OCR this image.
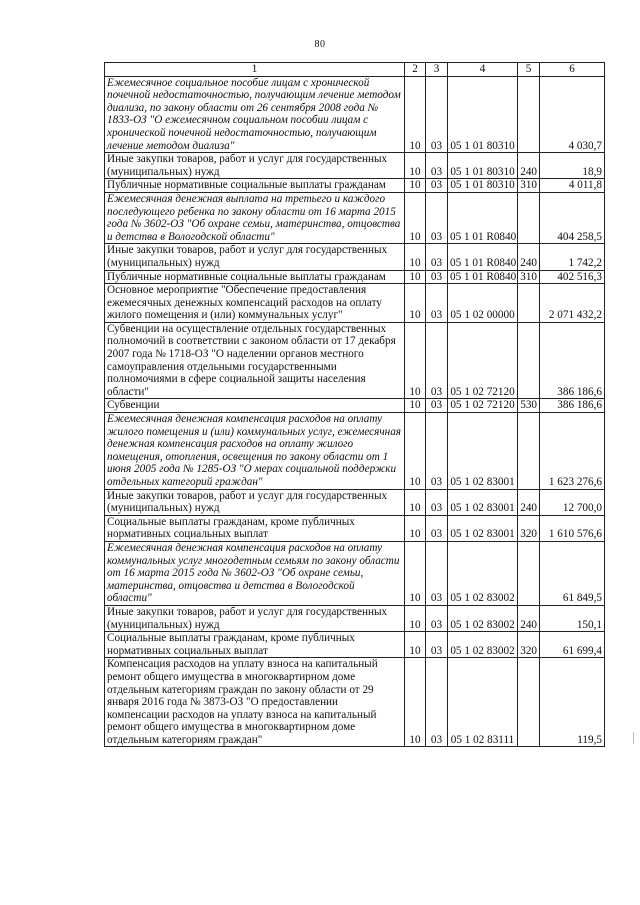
80
1	2	3	4	5	6
Ежемесячное социальное пособие лицам с хронической почечной недостаточностью, получающим лечение методом диализа, по закону области от 26 сентября 2008 года № 1833-ОЗ "О ежемесячном социальном пособии лицам с хронической почечной недостаточностью, получающим лечение методом диализа"	10	03	05 1 01 80310		4 030,7
Иные закупки товаров, работ и услуг для государственных (муниципальных) нужд	10	03	05 1 01 80310	240	18,9
Публичные нормативные социальные выплаты гражданам	10	03	05 1 01 80310	310	4 011,8
Ежемесячная денежная выплата на третьего и каждого последующего ребенка по закону области от 16 марта 2015 года № 3602-ОЗ "Об охране семьи, материнства, отцовства и детства в Вологодской области"	10	03	05 1 01 R0840		404 258,5
Иные закупки товаров, работ и услуг для государственных (муниципальных) нужд	10	03	05 1 01 R0840	240	1 742,2
Публичные нормативные социальные выплаты гражданам	10	03	05 1 01 R0840	310	402 516,3
Основное мероприятие "Обеспечение предоставления ежемесячных денежных компенсаций расходов на оплату жилого помещения и (или) коммунальных услуг"	10	03	05 1 02 00000		2 071 432,2
Субвенции на осуществление отдельных государственных полномочий в соответствии с законом области от 17 декабря 2007 года № 1718-ОЗ "О наделении органов местного самоуправления отдельными государственными полномочиями в сфере социальной защиты населения области"	10	03	05 1 02 72120		386 186,6
Субвенции	10	03	05 1 02 72120	530	386 186,6
Ежемесячная денежная компенсация расходов на оплату жилого помещения и (или) коммунальных услуг, ежемесячная денежная компенсация расходов на оплату жилого помещения, отопления, освещения по закону области от 1 июня 2005 года № 1285-ОЗ "О мерах социальной поддержки отдельных категорий граждан"	10	03	05 1 02 83001		1 623 276,6
Иные закупки товаров, работ и услуг для государственных (муниципальных) нужд	10	03	05 1 02 83001	240	12 700,0
Социальные выплаты гражданам, кроме публичных нормативных социальных выплат	10	03	05 1 02 83001	320	1 610 576,6
Ежемесячная денежная компенсация расходов на оплату коммунальных услуг многодетным семьям по закону области от 16 марта 2015 года № 3602-ОЗ "Об охране семьи, материнства, отцовства и детства в Вологодской области"	10	03	05 1 02 83002		61 849,5
Иные закупки товаров, работ и услуг для государственных (муниципальных) нужд	10	03	05 1 02 83002	240	150,1
Социальные выплаты гражданам, кроме публичных нормативных социальных выплат	10	03	05 1 02 83002	320	61 699,4
Компенсация расходов на уплату взноса на капитальный ремонт общего имущества в многоквартирном доме отдельным категориям граждан по закону области от 29 января 2016 года № 3873-ОЗ "О предоставлении компенсации расходов на уплату взноса на капитальный ремонт общего имущества в многоквартирном доме отдельным категориям граждан"	10	03	05 1 02 83111		119,5
